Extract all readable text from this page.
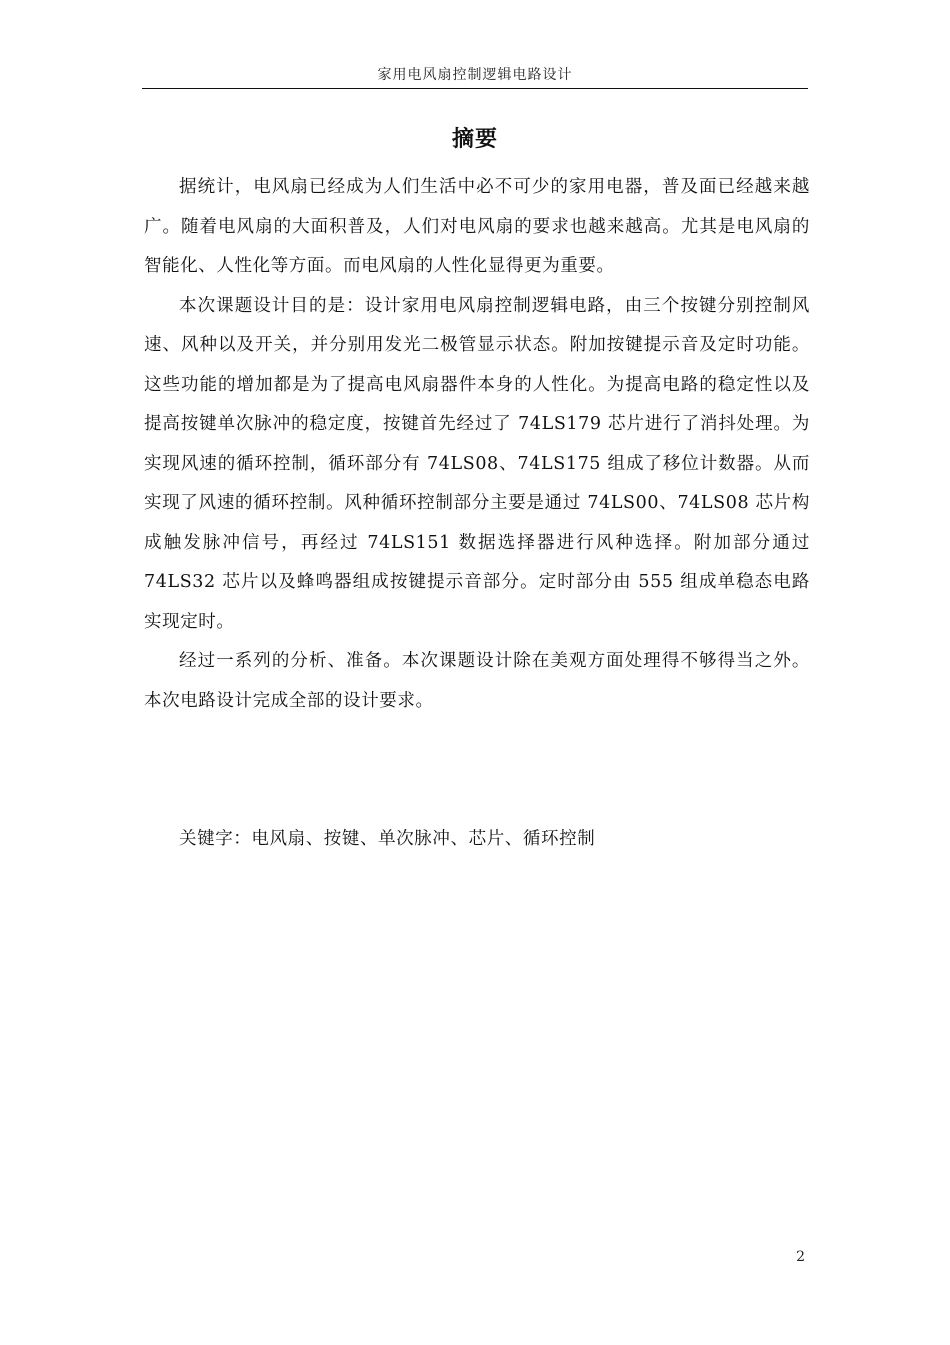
家用电风扇控制逻辑电路设计
摘要

据统计，电风扇已经成为人们生活中必不可少的家用电器，普及面已经越来越广。随着电风扇的大面积普及，人们对电风扇的要求也越来越高。尤其是电风扇的智能化、人性化等方面。而电风扇的人性化显得更为重要。

本次课题设计目的是：设计家用电风扇控制逻辑电路，由三个按键分别控制风速、风种以及开关，并分别用发光二极管显示状态。附加按键提示音及定时功能。这些功能的增加都是为了提高电风扇器件本身的人性化。为提高电路的稳定性以及提高按键单次脉冲的稳定度，按键首先经过了 74LS179 芯片进行了消抖处理。为实现风速的循环控制，循环部分有 74LS08、74LS175 组成了移位计数器。从而实现了风速的循环控制。风种循环控制部分主要是通过 74LS00、74LS08 芯片构成触发脉冲信号，再经过 74LS151 数据选择器进行风种选择。附加部分通过 74LS32 芯片以及蜂鸣器组成按键提示音部分。定时部分由 555 组成单稳态电路实现定时。

经过一系列的分析、准备。本次课题设计除在美观方面处理得不够得当之外。本次电路设计完成全部的设计要求。

关键字：电风扇、按键、单次脉冲、芯片、循环控制
2
